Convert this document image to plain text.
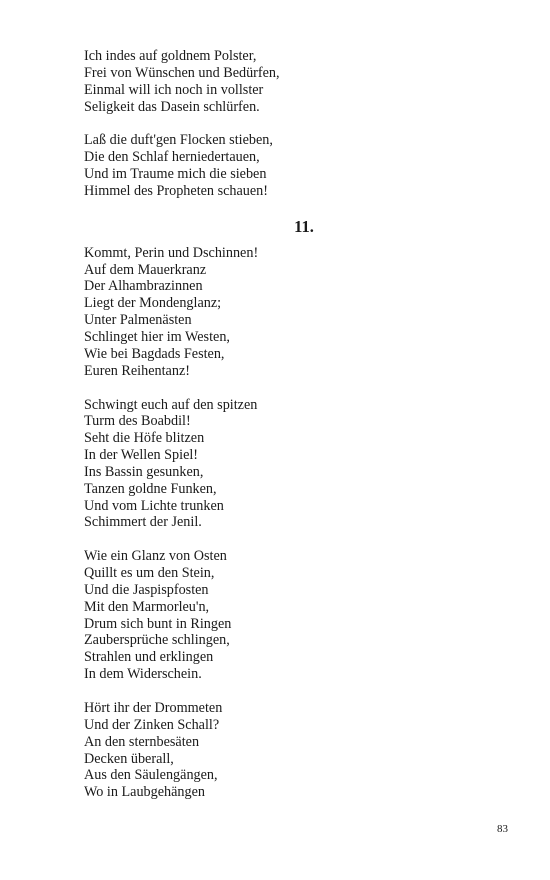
Ich indes auf goldnem Polster,
Frei von Wünschen und Bedürfen,
Einmal will ich noch in vollster
Seligkeit das Dasein schlürfen.
Laß die duft'gen Flocken stieben,
Die den Schlaf herniedertauen,
Und im Traume mich die sieben
Himmel des Propheten schauen!
11.
Kommt, Perin und Dschinnen!
Auf dem Mauerkranz
Der Alhambrazinnen
Liegt der Mondenglanz;
Unter Palmenästen
Schlinget hier im Westen,
Wie bei Bagdads Festen,
Euren Reihentanz!
Schwingt euch auf den spitzen
Turm des Boabdil!
Seht die Höfe blitzen
In der Wellen Spiel!
Ins Bassin gesunken,
Tanzen goldne Funken,
Und vom Lichte trunken
Schimmert der Jenil.
Wie ein Glanz von Osten
Quillt es um den Stein,
Und die Jaspispfosten
Mit den Marmorleu'n,
Drum sich bunt in Ringen
Zaubersprüche schlingen,
Strahlen und erklingen
In dem Widerschein.
Hört ihr der Drommeten
Und der Zinken Schall?
An den sternbesäten
Decken überall,
Aus den Säulengängen,
Wo in Laubgehängen
83
